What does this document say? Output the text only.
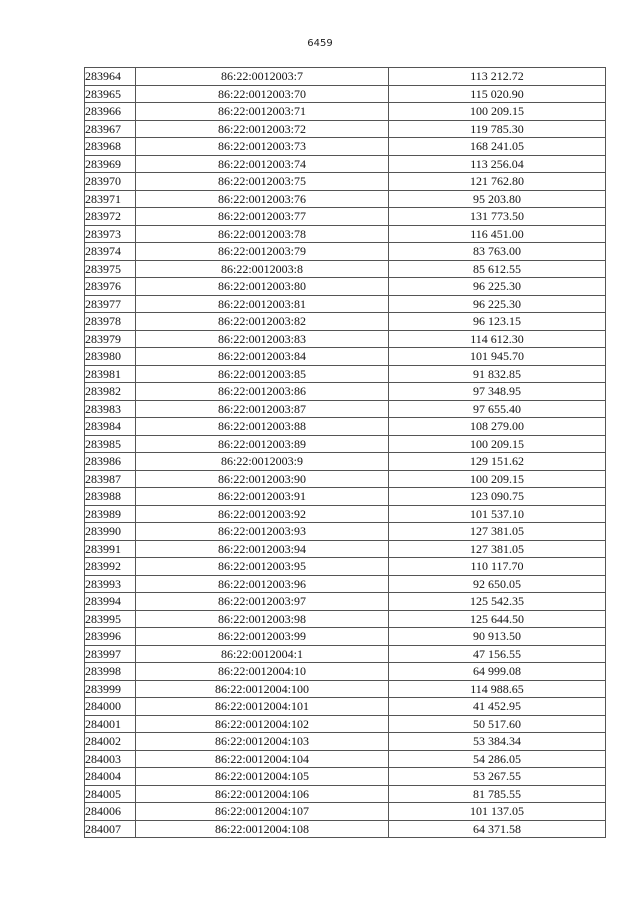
6459
283964	86:22:0012003:7	113 212.72
283965	86:22:0012003:70	115 020.90
283966	86:22:0012003:71	100 209.15
283967	86:22:0012003:72	119 785.30
283968	86:22:0012003:73	168 241.05
283969	86:22:0012003:74	113 256.04
283970	86:22:0012003:75	121 762.80
283971	86:22:0012003:76	95 203.80
283972	86:22:0012003:77	131 773.50
283973	86:22:0012003:78	116 451.00
283974	86:22:0012003:79	83 763.00
283975	86:22:0012003:8	85 612.55
283976	86:22:0012003:80	96 225.30
283977	86:22:0012003:81	96 225.30
283978	86:22:0012003:82	96 123.15
283979	86:22:0012003:83	114 612.30
283980	86:22:0012003:84	101 945.70
283981	86:22:0012003:85	91 832.85
283982	86:22:0012003:86	97 348.95
283983	86:22:0012003:87	97 655.40
283984	86:22:0012003:88	108 279.00
283985	86:22:0012003:89	100 209.15
283986	86:22:0012003:9	129 151.62
283987	86:22:0012003:90	100 209.15
283988	86:22:0012003:91	123 090.75
283989	86:22:0012003:92	101 537.10
283990	86:22:0012003:93	127 381.05
283991	86:22:0012003:94	127 381.05
283992	86:22:0012003:95	110 117.70
283993	86:22:0012003:96	92 650.05
283994	86:22:0012003:97	125 542.35
283995	86:22:0012003:98	125 644.50
283996	86:22:0012003:99	90 913.50
283997	86:22:0012004:1	47 156.55
283998	86:22:0012004:10	64 999.08
283999	86:22:0012004:100	114 988.65
284000	86:22:0012004:101	41 452.95
284001	86:22:0012004:102	50 517.60
284002	86:22:0012004:103	53 384.34
284003	86:22:0012004:104	54 286.05
284004	86:22:0012004:105	53 267.55
284005	86:22:0012004:106	81 785.55
284006	86:22:0012004:107	101 137.05
284007	86:22:0012004:108	64 371.58
